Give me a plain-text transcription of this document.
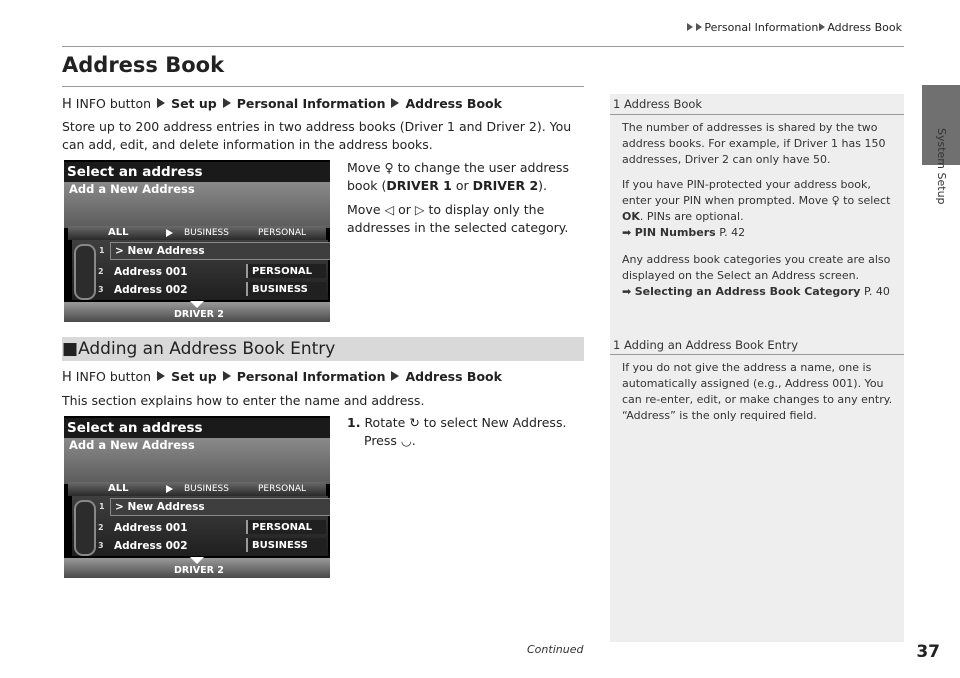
Personal Information Address Book
System Setup
Address Book
H INFO button Set up Personal Information Address Book
Store up to 200 address entries in two address books (Driver 1 and Driver 2). You can add, edit, and delete information in the address books.
Select an address
Add a New Address
ALL	BUSINESS	PERSONAL
1 > New Address
2 Address 001	PERSONAL
3 Address 002	BUSINESS
DRIVER 2
Move ♀ to change the user address book (DRIVER 1 or DRIVER 2).
Move ◁ or ▷ to display only the addresses in the selected category.
■Adding an Address Book Entry
H INFO button Set up Personal Information Address Book
This section explains how to enter the name and address.
Select an address
Add a New Address
ALL	BUSINESS	PERSONAL
1 > New Address
2 Address 001	PERSONAL
3 Address 002	BUSINESS
DRIVER 2
1. Rotate ↻ to select New Address.
Press ◡.
1 Address Book
The number of addresses is shared by the two address books. For example, if Driver 1 has 150 addresses, Driver 2 can only have 50.
If you have PIN-protected your address book, enter your PIN when prompted. Move ♀ to select OK. PINs are optional.
➡ PIN Numbers P. 42
Any address book categories you create are also displayed on the Select an Address screen.
➡ Selecting an Address Book Category P. 40
1 Adding an Address Book Entry
If you do not give the address a name, one is automatically assigned (e.g., Address 001). You can re-enter, edit, or make changes to any entry. “Address” is the only required field.
Continued	37
